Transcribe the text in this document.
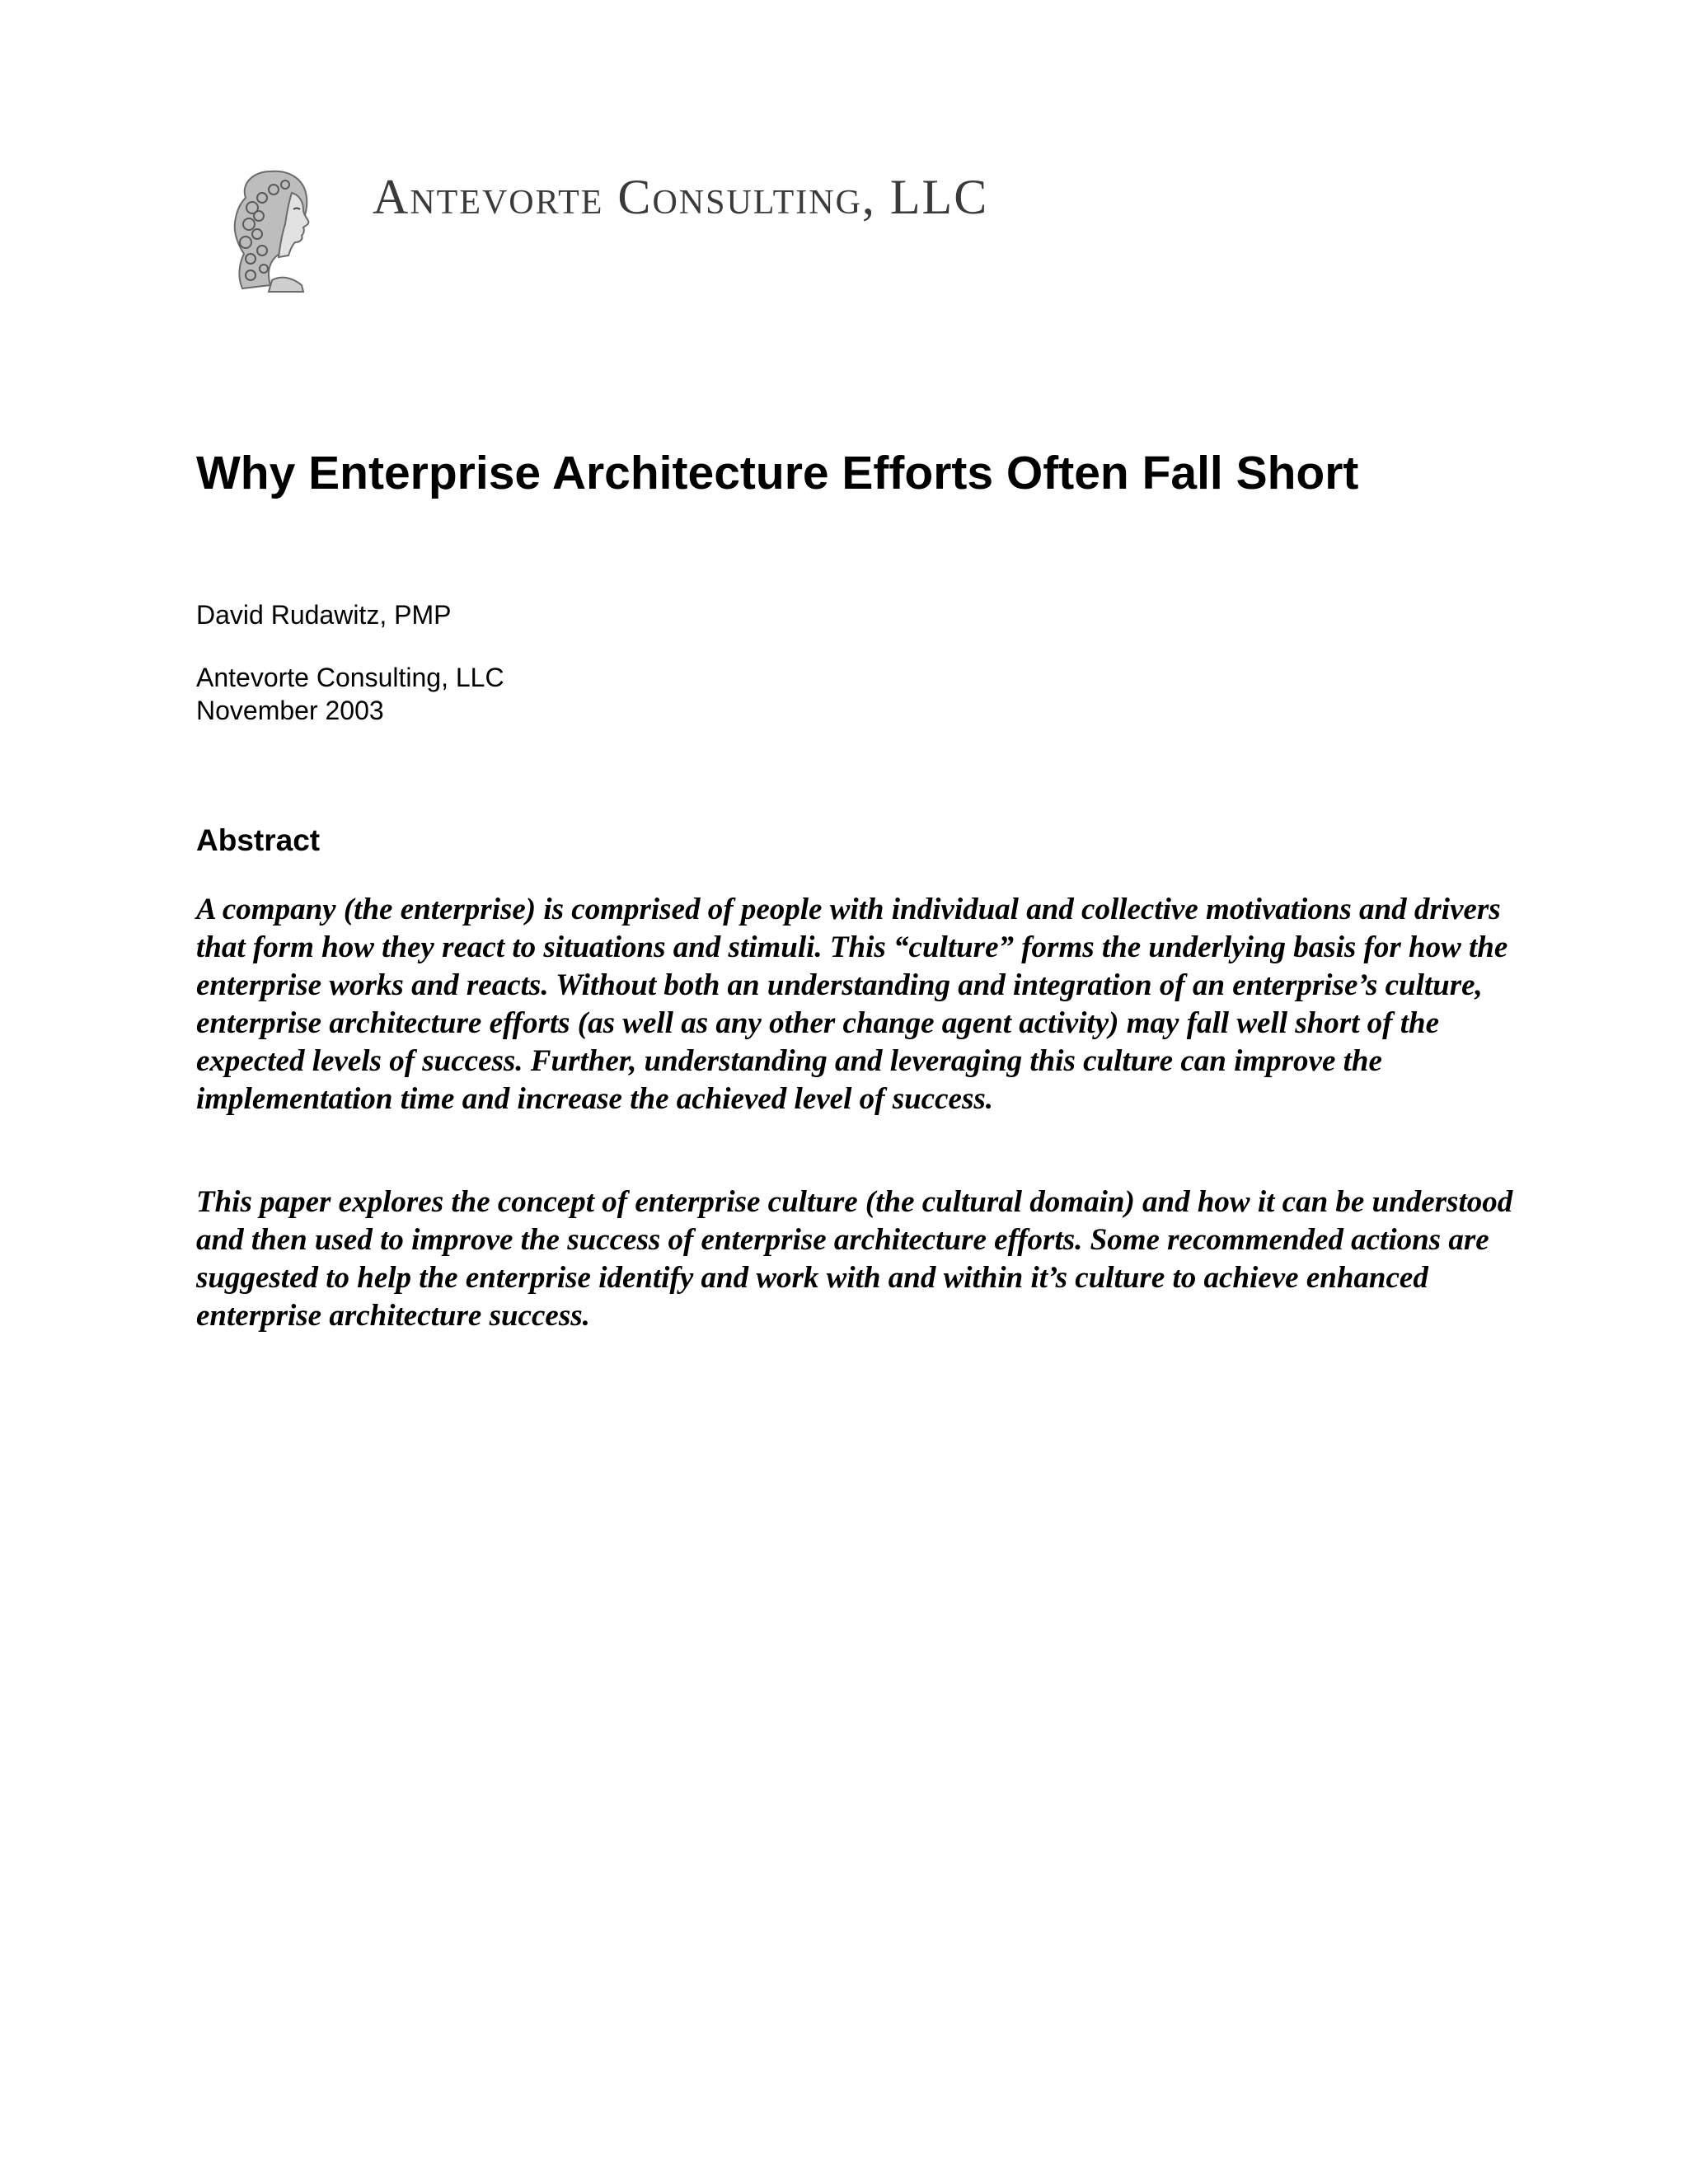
Antevorte Consulting, LLC
Why Enterprise Architecture Efforts Often Fall Short
David Rudawitz, PMP
Antevorte Consulting, LLC
November 2003
Abstract

A company (the enterprise) is comprised of people with individual and collective motivations and drivers that form how they react to situations and stimuli. This “culture” forms the underlying basis for how the enterprise works and reacts. Without both an understanding and integration of an enterprise’s culture, enterprise architecture efforts (as well as any other change agent activity) may fall well short of the expected levels of success. Further, understanding and leveraging this culture can improve the implementation time and increase the achieved level of success.

This paper explores the concept of enterprise culture (the cultural domain) and how it can be understood and then used to improve the success of enterprise architecture efforts. Some recommended actions are suggested to help the enterprise identify and work with and within it’s culture to achieve enhanced enterprise architecture success.
